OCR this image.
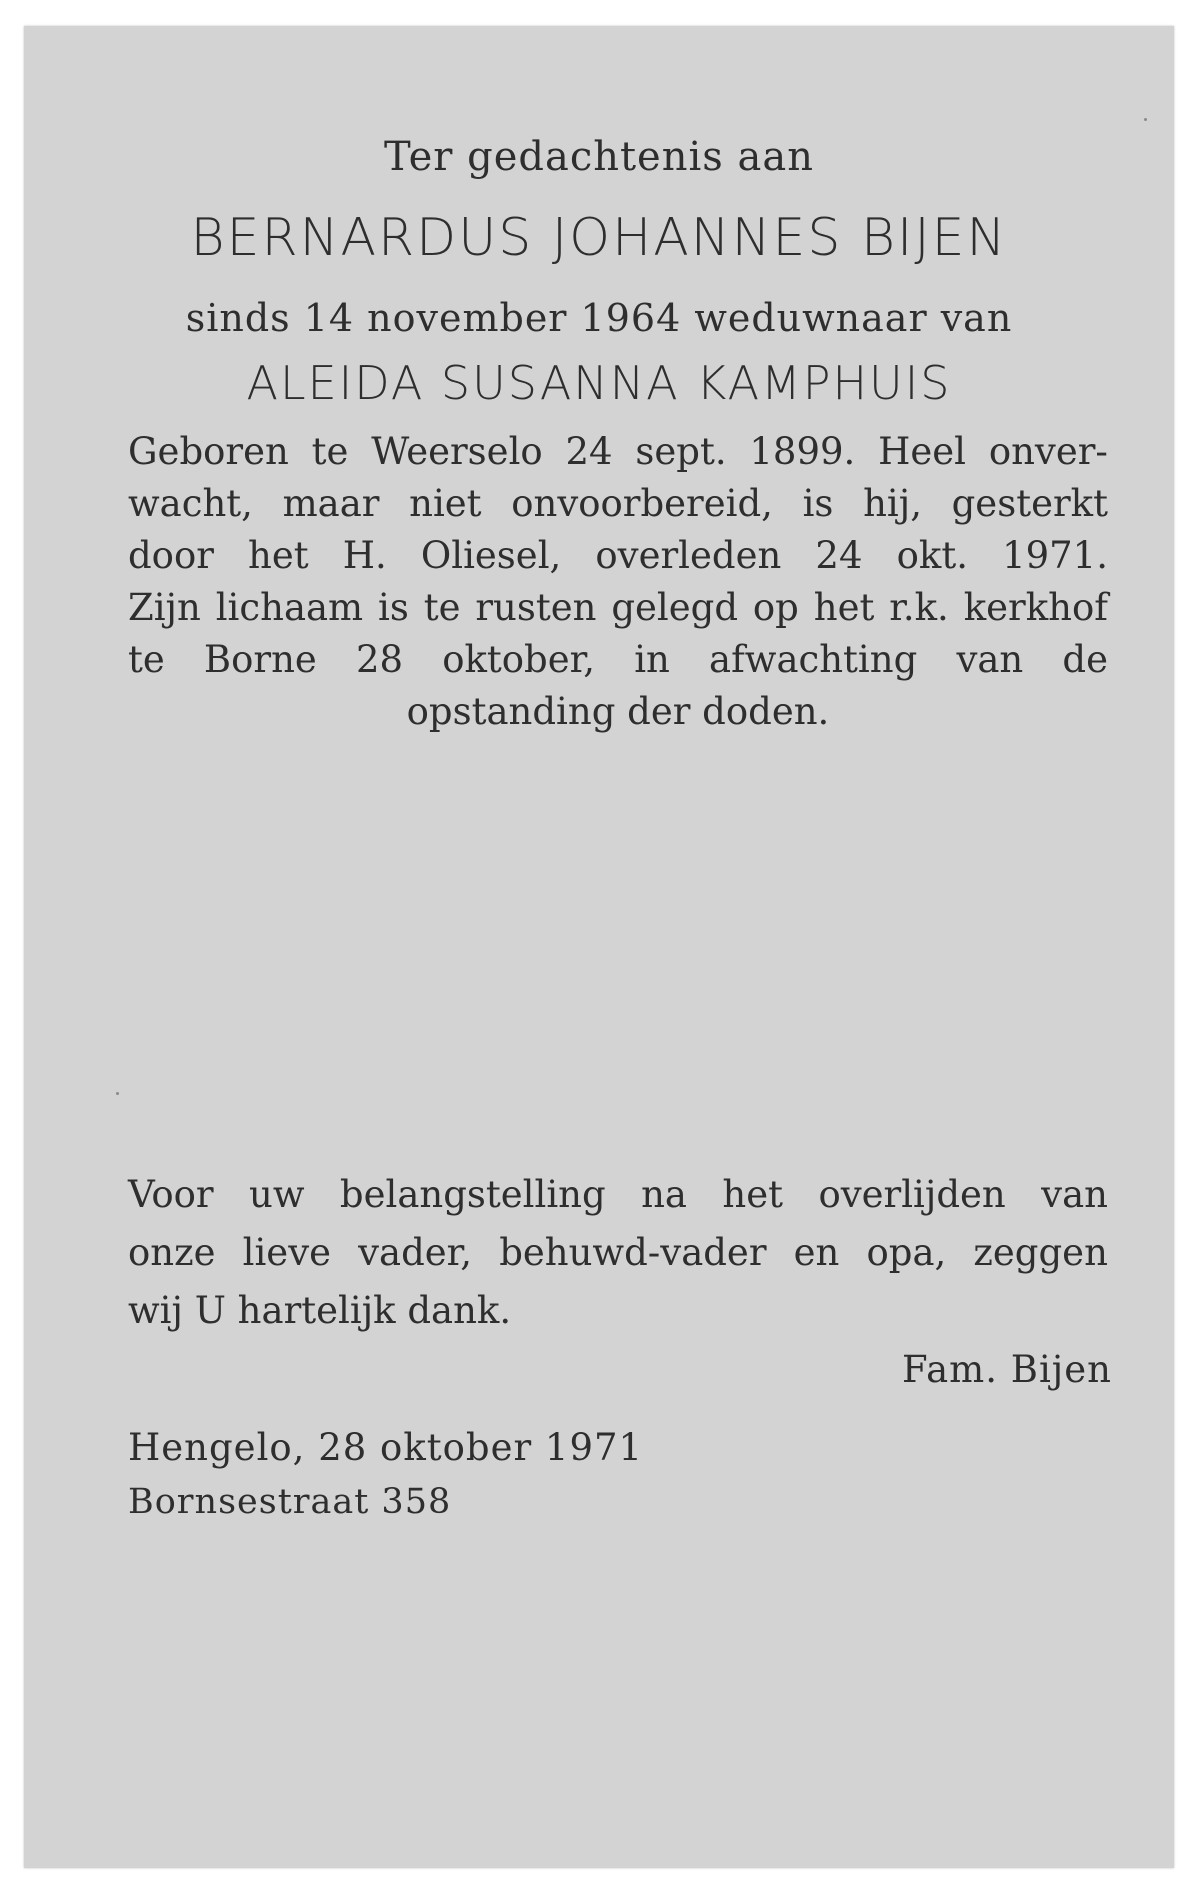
Ter gedachtenis aan

BERNARDUS JOHANNES BIJEN

sinds 14 november 1964 weduwnaar van

ALEIDA SUSANNA KAMPHUIS

Geboren te Weerselo 24 sept. 1899. Heel onver-
wacht, maar niet onvoorbereid, is hij, gesterkt
door het H. Oliesel, overleden 24 okt. 1971.
Zijn lichaam is te rusten gelegd op het r.k. kerkhof
te Borne 28 oktober, in afwachting van de
opstanding der doden.
Voor uw belangstelling na het overlijden van
onze lieve vader, behuwd-vader en opa, zeggen
wij U hartelijk dank.

Fam. Bijen

Hengelo, 28 oktober 1971

Bornsestraat 358
